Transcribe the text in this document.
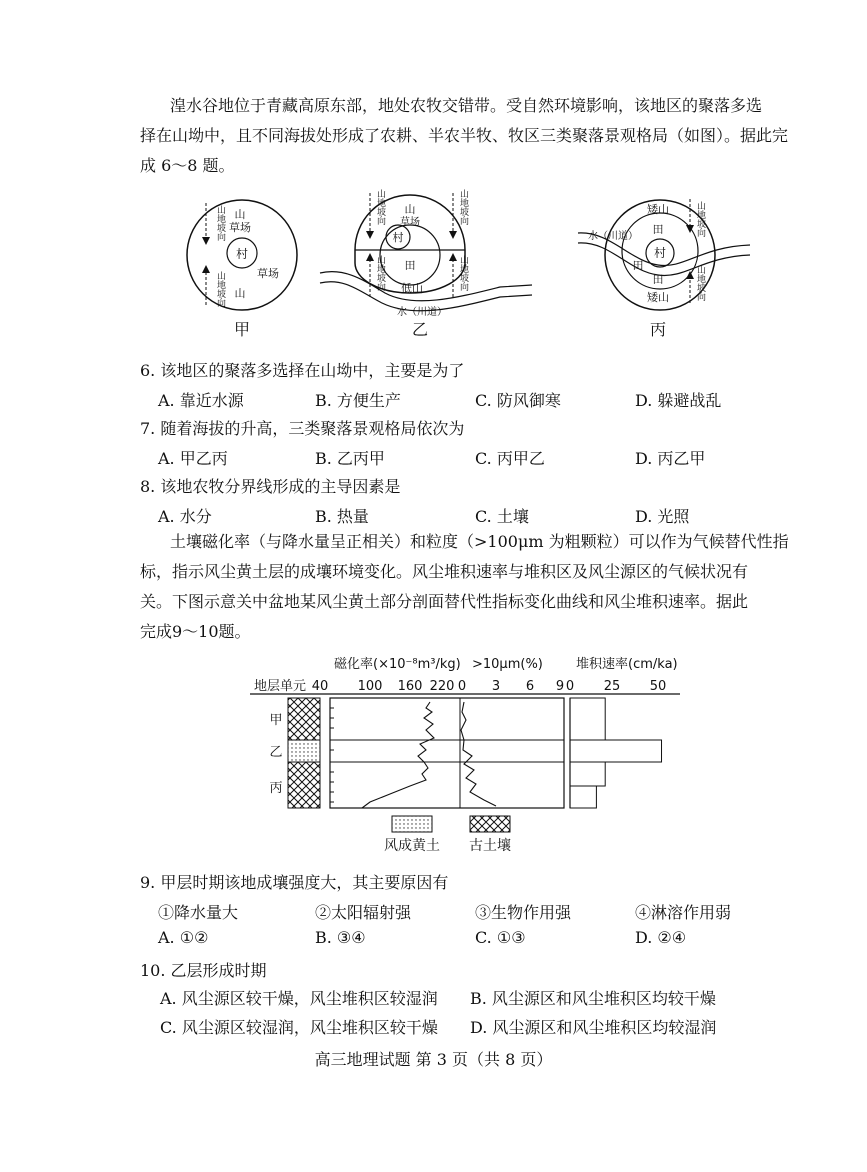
湟水谷地位于青藏高原东部，地处农牧交错带。受自然环境影响，该地区的聚落多选
择在山坳中，且不同海拔处形成了农耕、半农半牧、牧区三类聚落景观格局（如图）。据此完
成 6～8 题。
村
山
草场
草场
山
山地坡向
山地坡向
甲
村
山
草场
田
低山
水（川道）
山地坡向	山地坡向
山地坡向	山地坡向
乙
村
矮山
田
田
田
矮山
水（川道）	山地坡向
山地坡向
丙
6. 该地区的聚落多选择在山坳中，主要是为了
A. 靠近水源	B. 方便生产	C. 防风御寒	D. 躲避战乱
7. 随着海拔的升高，三类聚落景观格局依次为
A. 甲乙丙	B. 乙丙甲	C. 丙甲乙	D. 丙乙甲
8. 该地农牧分界线形成的主导因素是
A. 水分	B. 热量	C. 土壤	D. 光照
土壤磁化率（与降水量呈正相关）和粒度（>100μm 为粗颗粒）可以作为气候替代性指
标，指示风尘黄土层的成壤环境变化。风尘堆积速率与堆积区及风尘源区的气候状况有
关。下图示意关中盆地某风尘黄土部分剖面替代性指标变化曲线和风尘堆积速率。据此
完成9～10题。
磁化率(×10⁻⁸m³/kg) >10μm(%)	堆积速率(cm/ka)
地层单元 40 100 160 220 0 3 6 9 0 25 50
甲
乙
丙
风成黄土 古土壤
9. 甲层时期该地成壤强度大，其主要原因有
①降水量大	②太阳辐射强	③生物作用强	④淋溶作用弱
A. ①②	B. ③④	C. ①③	D. ②④
10. 乙层形成时期
A. 风尘源区较干燥，风尘堆积区较湿润 B. 风尘源区和风尘堆积区均较干燥
C. 风尘源区较湿润，风尘堆积区较干燥 D. 风尘源区和风尘堆积区均较湿润
高三地理试题 第 3 页（共 8 页）
